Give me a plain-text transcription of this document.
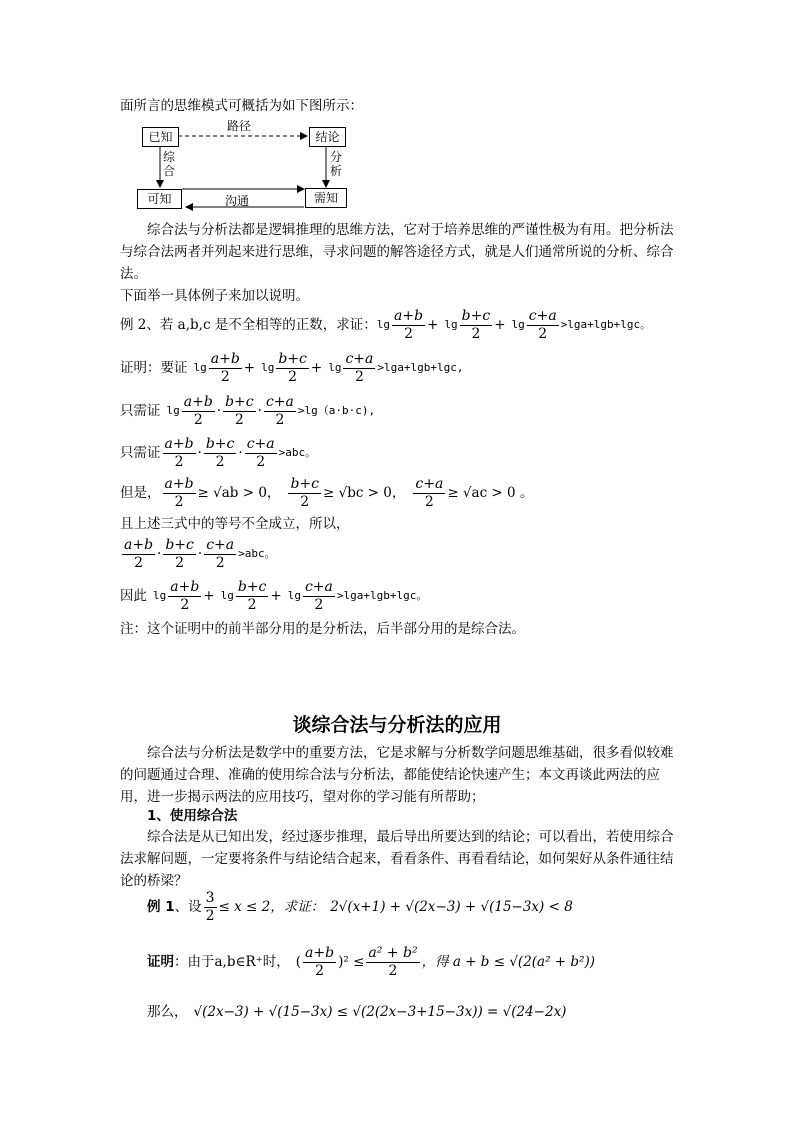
面所言的思维模式可概括为如下图所示：
已知	结论
可知	需知
路径
综
合
分
析
沟通
综合法与分析法都是逻辑推理的思维方法，它对于培养思维的严谨性极为有用。把分析法与综合法两者并列起来进行思维，寻求问题的解答途径方式，就是人们通常所说的分析、综合法。
下面举一具体例子来加以说明。
例 2、若 a,b,c 是不全相等的正数，求证： $\lg \frac{a+b}{2} + \lg \frac{b+c}{2} + \lg \frac{c+a}{2} >\lg a+\lg b+\lg c$。
证明：要证 $\lg \frac{a+b}{2} + \lg \frac{b+c}{2} + \lg \frac{c+a}{2} >\lg a+\lg b+\lg c$,
只需证 $\lg \frac{a+b}{2} \cdot \frac{b+c}{2} \cdot \frac{c+a}{2} >\lg(a\cdot b\cdot c)$,
只需证 $\frac{a+b}{2} \cdot \frac{b+c}{2} \cdot \frac{c+a}{2} >abc$。
但是， $\frac{a+b}{2} \ge √ab > 0$， $\frac{b+c}{2} \ge √bc > 0$， $\frac{c+a}{2} \ge √ac > 0$ 。
且上述三式中的等号不全成立，所以，
$\frac{a+b}{2} \cdot \frac{b+c}{2} \cdot \frac{c+a}{2} >abc$。
因此 $\lg \frac{a+b}{2} + \lg \frac{b+c}{2} + \lg \frac{c+a}{2} >\lg a+\lg b+\lg c$。
注：这个证明中的前半部分用的是分析法，后半部分用的是综合法。
谈综合法与分析法的应用
综合法与分析法是数学中的重要方法，它是求解与分析数学问题思维基础，很多看似较难的问题通过合理、准确的使用综合法与分析法，都能使结论快速产生；本文再谈此两法的应用，进一步揭示两法的应用技巧，望对你的学习能有所帮助；
1、使用综合法
综合法是从已知出发，经过逐步推理，最后导出所要达到的结论；可以看出，若使用综合法求解问题，一定要将条件与结论结合起来，看看条件、再看看结论，如何架好从条件通往结论的桥梁？
例 1 、设 $\frac{3}{2} \le x \le 2$，求证： 2√(x+1) + √(2x−3) + √(15−3x) < 8
证明 ：由于a,b∈R⁺时， ( $\frac{a+b}{2} )^2 \le \frac{\text{a² + b²}}{2}$ ，得 a + b ≤ √(2(a² + b²))
那么， √(2x−3) + √(15−3x) ≤ √(2(2x−3+15−3x)) = √(24−2x)
